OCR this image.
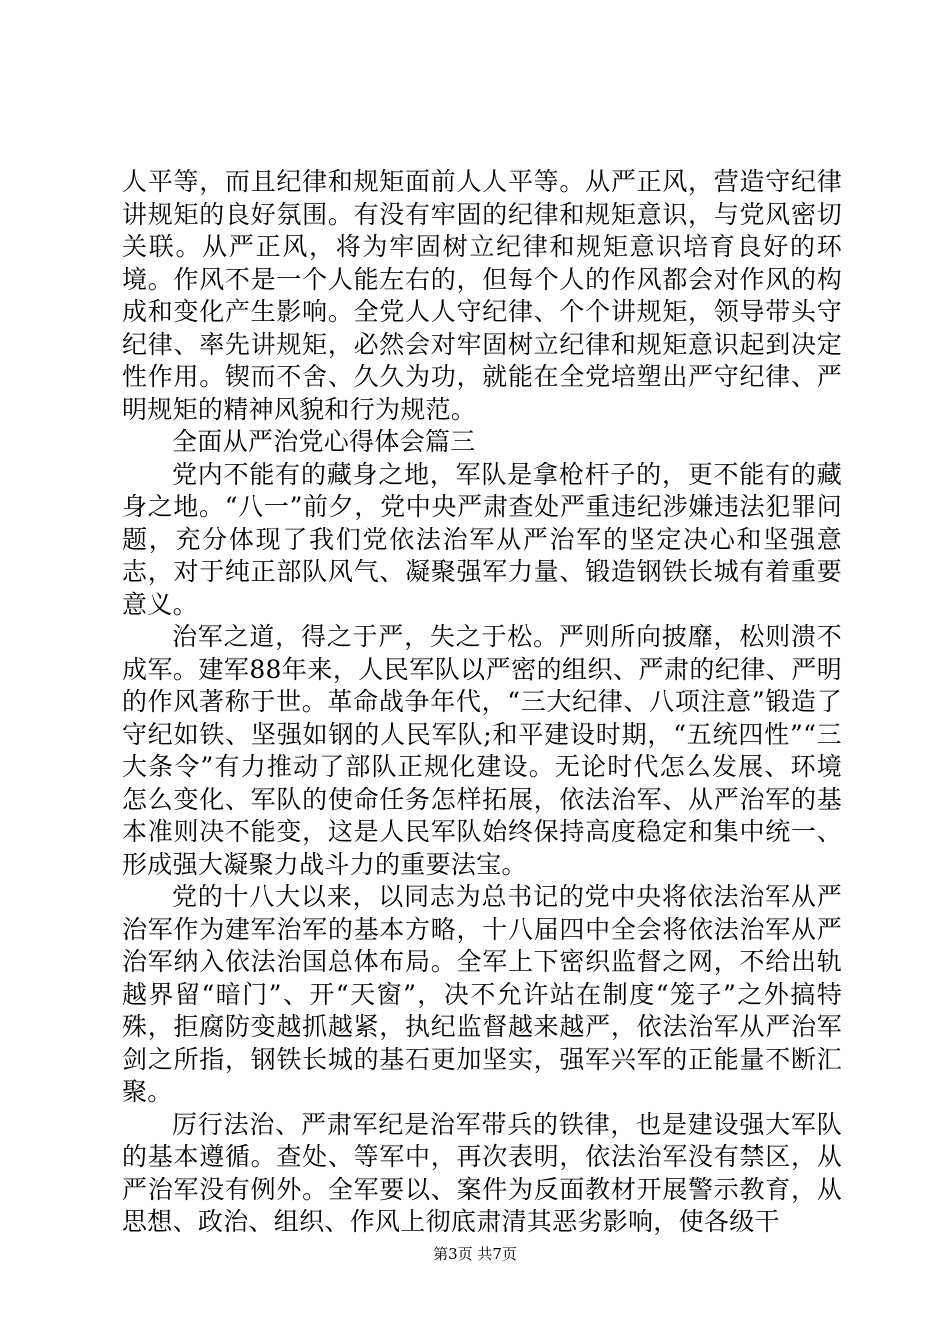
人平等，而且纪律和规矩面前人人平等。从严正风，营造守纪律讲规矩的良好氛围。有没有牢固的纪律和规矩意识，与党风密切关联。从严正风，将为牢固树立纪律和规矩意识培育良好的环境。作风不是一个人能左右的，但每个人的作风都会对作风的构成和变化产生影响。全党人人守纪律、个个讲规矩，领导带头守纪律、率先讲规矩，必然会对牢固树立纪律和规矩意识起到决定性作用。锲而不舍、久久为功，就能在全党培塑出严守纪律、严明规矩的精神风貌和行为规范。

全面从严治党心得体会篇三

党内不能有的藏身之地，军队是拿枪杆子的，更不能有的藏身之地。“八一”前夕，党中央严肃查处严重违纪涉嫌违法犯罪问题，充分体现了我们党依法治军从严治军的坚定决心和坚强意志，对于纯正部队风气、凝聚强军力量、锻造钢铁长城有着重要意义。

治军之道，得之于严，失之于松。严则所向披靡，松则溃不成军。建军88年来，人民军队以严密的组织、严肃的纪律、严明的作风著称于世。革命战争年代，“三大纪律、八项注意”锻造了守纪如铁、坚强如钢的人民军队;和平建设时期，“五统四性”“三大条令”有力推动了部队正规化建设。无论时代怎么发展、环境怎么变化、军队的使命任务怎样拓展，依法治军、从严治军的基本准则决不能变，这是人民军队始终保持高度稳定和集中统一、形成强大凝聚力战斗力的重要法宝。

党的十八大以来，以同志为总书记的党中央将依法治军从严治军作为建军治军的基本方略，十八届四中全会将依法治军从严治军纳入依法治国总体布局。全军上下密织监督之网，不给出轨越界留“暗门”、开“天窗”，决不允许站在制度“笼子”之外搞特殊，拒腐防变越抓越紧，执纪监督越来越严，依法治军从严治军剑之所指，钢铁长城的基石更加坚实，强军兴军的正能量不断汇聚。

厉行法治、严肃军纪是治军带兵的铁律，也是建设强大军队的基本遵循。查处、等军中，再次表明，依法治军没有禁区，从严治军没有例外。全军要以、案件为反面教材开展警示教育，从思想、政治、组织、作风上彻底肃清其恶劣影响，使各级干

第3页 共7页
